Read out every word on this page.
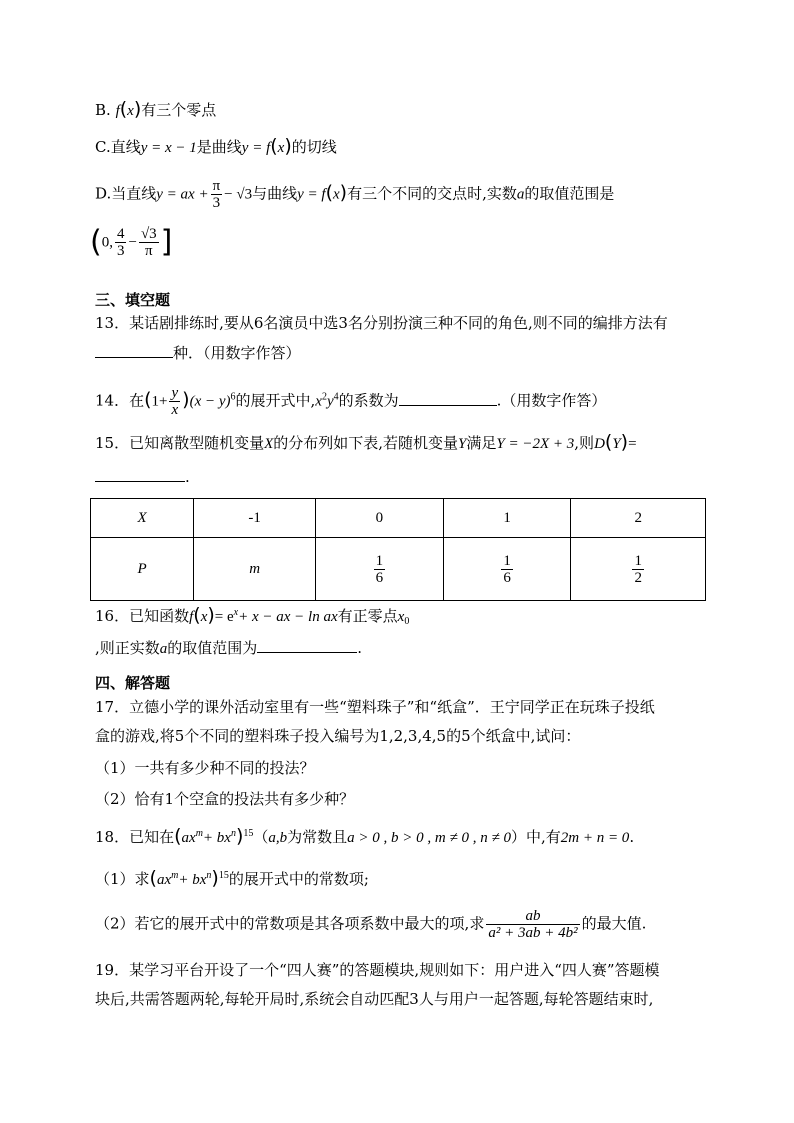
B. f(x)有三个零点
C.直线y = x − 1是曲线y = f(x)的切线
D.当直线y = ax + $\frac{\pi}{3} - √3$与曲线y = f(x)有三个不同的交点时,实数a的取值范围是
(0, $\frac{4}{3} - \frac{√3}{\pi}$ ]
三、填空题
13．某话剧排练时,要从6名演员中选3名分别扮演三种不同的角色,则不同的编排方法有
种．（用数字作答）
14．在$(1+ \frac{y}{x} )(x - y)^6$的展开式中$,x^2y^4$的系数为	.（用数字作答）
15．已知离散型随机变量X的分布列如下表,若随机变量Y满足Y = −2X + 3,则D(Y)=
.
X	-1	0	1	2
P	m	$\frac{1}{6}$	$\frac{1}{6}$	$\frac{1}{2}$
16．已知函数$f(x)= e^x+ x$ − ax − ln ax有正零点$x_0$
,则正实数a的取值范围为	.
四、解答题
17．立德小学的课外活动室里有一些“塑料珠子”和“纸盒”．王宁同学正在玩珠子投纸
盒的游戏,将5个不同的塑料珠子投入编号为1,2,3,4,5的5个纸盒中,试问：
（1）一共有多少种不同的投法？
（2）恰有1个空盒的投法共有多少种？
18．已知在$(ax^m+ bx^n)^{15}(a,b$为常数且a > 0 , b > 0 , m ≠ 0 , n ≠ 0）中,有2m + n = 0.
（1）求$(ax^m+ bx^n)^{15}$的展开式中的常数项;
（2）若它的展开式中的常数项是其各项系数中最大的项,求 $\frac{ab}{\text{a² + 3ab + 4b²}}$ 的最大值.
19．某学习平台开设了一个“四人赛”的答题模块,规则如下：用户进入“四人赛”答题模
块后,共需答题两轮,每轮开局时,系统会自动匹配3人与用户一起答题,每轮答题结束时,
